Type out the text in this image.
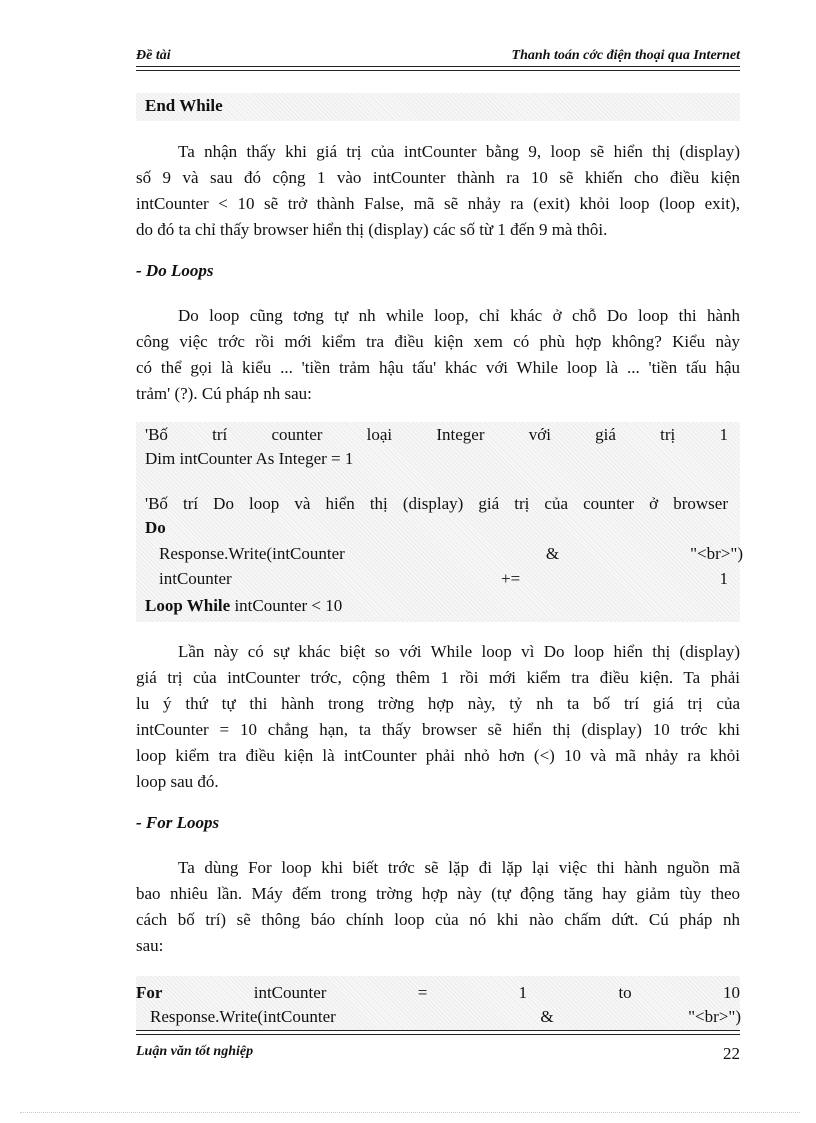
Đề tài	Thanh toán cớc điện thoại qua Internet
End While
Ta nhận thấy khi giá trị của intCounter bằng 9, loop sẽ hiển thị (display)
số 9 và sau đó cộng 1 vào intCounter thành ra 10 sẽ khiến cho điều kiện
intCounter < 10 sẽ trở thành False, mã sẽ nhảy ra (exit) khỏi loop (loop exit),
do đó ta chỉ thấy browser hiển thị (display) các số từ 1 đến 9 mà thôi.
- Do Loops
Do loop cũng tơng tự nh while loop, chỉ khác ở chỗ Do loop thi hành
công việc trớc rồi mới kiểm tra điều kiện xem có phù hợp không? Kiểu này
có thể gọi là kiểu ... 'tiền trảm hậu tấu' khác với While loop là ... 'tiền tấu hậu
trảm' (?). Cú pháp nh sau:
'Bố	trí	counter	loại	Integer	với	giá	trị	1
Dim intCounter As Integer = 1
'Bố trí Do loop và hiển thị (display) giá trị của counter ở browser
Do
Response.Write(intCounter	&	"<br>")
intCounter	+=	1
Loop While intCounter < 10
Lần này có sự khác biệt so với While loop vì Do loop hiển thị (display)
giá trị của intCounter trớc, cộng thêm 1 rồi mới kiểm tra điều kiện. Ta phải
lu ý thứ tự thi hành trong trờng hợp này, tỷ nh ta bố trí giá trị của
intCounter = 10 chẳng hạn, ta thấy browser sẽ hiển thị (display) 10 trớc khi
loop kiểm tra điều kiện là intCounter phải nhỏ hơn (<) 10 và mã nhảy ra khỏi
loop sau đó.
- For Loops
Ta dùng For loop khi biết trớc sẽ lặp đi lặp lại việc thi hành nguồn mã
bao nhiêu lần. Máy đếm trong trờng hợp này (tự động tăng hay giảm tùy theo
cách bố trí) sẽ thông báo chính loop của nó khi nào chấm dứt. Cú pháp nh
sau:
For	intCounter	=	1	to	10
Response.Write(intCounter	&	"<br>")
Luận văn tốt nghiệp	22
